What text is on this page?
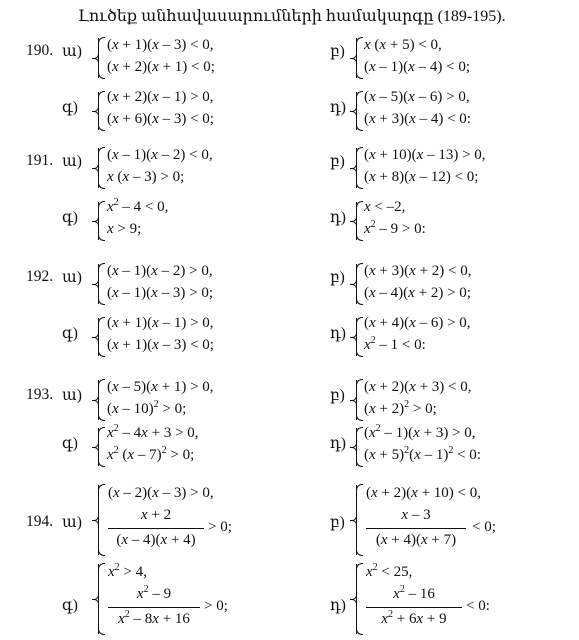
Լուծեք անհավասարումների համակարգը (189-195).
190. ա) (x + 1)(x – 3) < 0,
(x + 2)(x + 1) < 0;
բ) x (x + 5) < 0,
(x – 1)(x – 4) < 0;
գ)
(x + 2)(x – 1) > 0,
(x + 6)(x – 3) < 0;
դ)
(x – 5)(x – 6) > 0,
(x + 3)(x – 4) < 0:
191. ա) (x – 1)(x – 2) < 0,
x (x – 3) > 0;
բ) (x + 10)(x – 13) > 0,
(x + 8)(x – 12) < 0;
գ)
$x^2 - 4 < 0$,
x > 9;
դ)
x < –2,
$x^2 - 9 > 0$:
192. ա) (x – 1)(x – 2) > 0,
(x – 1)(x – 3) > 0;
բ) (x + 3)(x + 2) < 0,
(x – 4)(x + 2) > 0;
գ)
(x + 1)(x – 1) > 0,
(x + 1)(x – 3) < 0;
դ)
(x + 4)(x – 6) > 0,
$x^2 - 1 < 0$:
193. ա) (x – 5)(x + 1) > 0,
(x – 10)$^2$ > 0;
բ) (x + 2)(x + 3) < 0,
$(x + 2)^2 > 0$;
գ)
$x^2 - 4x + 3 > 0$,
$x^2$ (x – 7)$^2$ > 0;
դ)
$(x^2 - 1)(x + 3) > 0$,
$(x + 5)^2(x - 1)^2 < 0$:
194. ա)
(x – 2)(x – 3) > 0,
x + 2
(x – 4)(x + 4)
> 0;	բ)
(x + 2)(x + 10) < 0,
x – 3
(x + 4)(x + 7)
< 0;
գ)
$x^2 > 4$,
$x^2 - 9$
$x^2 - 8x + 16$
> 0;	դ)
$x^2 < 25$,
$x^2 - 16$
$x^2 + 6x + 9$
< 0:
